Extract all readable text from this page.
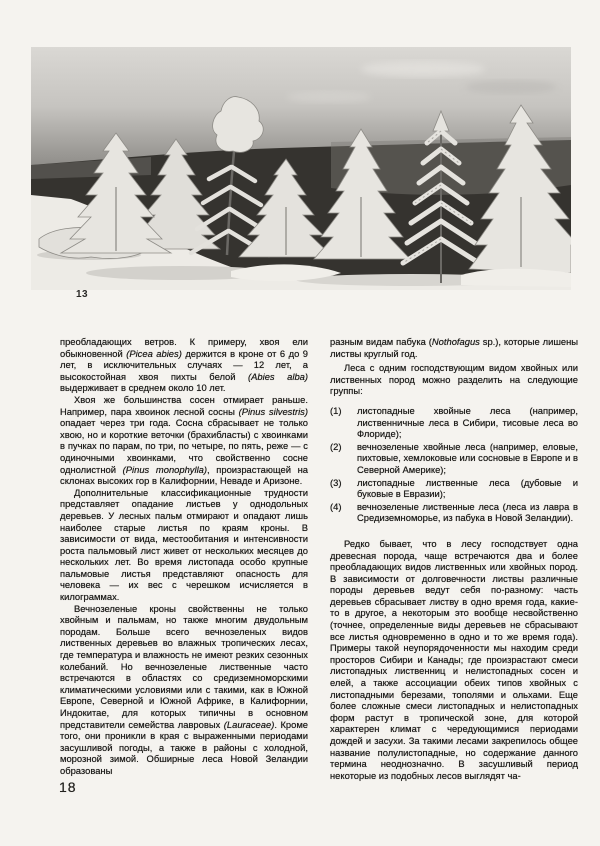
13
преобладающих ветров. К примеру, хвоя ели обыкновенной (Picea abies) держится в кроне от 6 до 9 лет, в исключительных случаях — 12 лет, а высокостойная хвоя пихты белой (Abies alba) выдерживает в среднем около 10 лет.
Хвоя же большинства сосен отмирает раньше. Например, пара хвоинок лесной сосны (Pinus silvestris) опадает через три года. Сосна сбрасывает не только хвою, но и короткие веточки (брахибласты) с хвоинками в пучках по парам, по три, по четыре, по пять, реже — с одиночными хвоинками, что свойственно сосне однолистной (Pinus monophylla), произрастающей на склонах высоких гор в Калифорнии, Неваде и Аризоне.
Дополнительные классификационные трудности представляет опадание листьев у однодольных деревьев. У лесных пальм отмирают и опадают лишь наиболее старые листья по краям кроны. В зависимости от вида, местообитания и интенсивности роста пальмовый лист живет от нескольких месяцев до нескольких лет. Во время листопада особо крупные пальмовые листья представляют опасность для человека — их вес с черешком исчисляется в килограммах.
Вечнозеленые кроны свойственны не только хвойным и пальмам, но также многим двудольным породам. Больше всего вечнозеленых видов лиственных деревьев во влажных тропических лесах, где температура и влажность не имеют резких сезонных колебаний. Но вечнозеленые лиственные часто встречаются в областях со средиземноморскими климатическими условиями или с такими, как в Южной Европе, Северной и Южной Африке, в Калифорнии, Индокитае, для которых типичны в основном представители семейства лавровых (Lauraceae). Кроме того, они проникли в края с выраженными периодами засушливой погоды, а также в районы с холодной, морозной зимой. Обширные леса Новой Зеландии образованы
разным видам пабука (Nothofagus sp.), которые лишены листвы круглый год.
Леса с одним господствующим видом хвойных или лиственных пород можно разделить на следующие группы:
(1)	листопадные хвойные леса (например, лиственничные леса в Сибири, тисовые леса во Флориде);
(2)	вечнозеленые хвойные леса (например, еловые, пихтовые, хемлоковые или сосновые в Европе и в Северной Америке);
(3)	листопадные лиственные леса (дубовые и буковые в Евразии);
(4)	вечнозеленые лиственные леса (леса из лавра в Средиземноморье, из пабука в Новой Зеландии).
Редко бывает, что в лесу господствует одна древесная порода, чаще встречаются два и более преобладающих видов лиственных или хвойных пород. В зависимости от долговечности листвы различные породы деревьев ведут себя по-разному: часть деревьев сбрасывает листву в одно время года, какие-то в другое, а некоторым это вообще несвойственно (точнее, определенные виды деревьев не сбрасывают все листья одновременно в одно и то же время года). Примеры такой неупорядоченности мы находим среди просторов Сибири и Канады; где произрастают смеси листопадных лиственниц и нелистопадных сосен и елей, а также ассоциации обеих типов хвойных с листопадными березами, тополями и ольхами. Еще более сложные смеси листопадных и нелистопадных форм растут в тропической зоне, для которой характерен климат с чередующимися периодами дождей и засухи. За такими лесами закрепилось общее название полулистопадные, но содержание данного термина неоднозначно. В засушливый период некоторые из подобных лесов выглядят ча-
18
